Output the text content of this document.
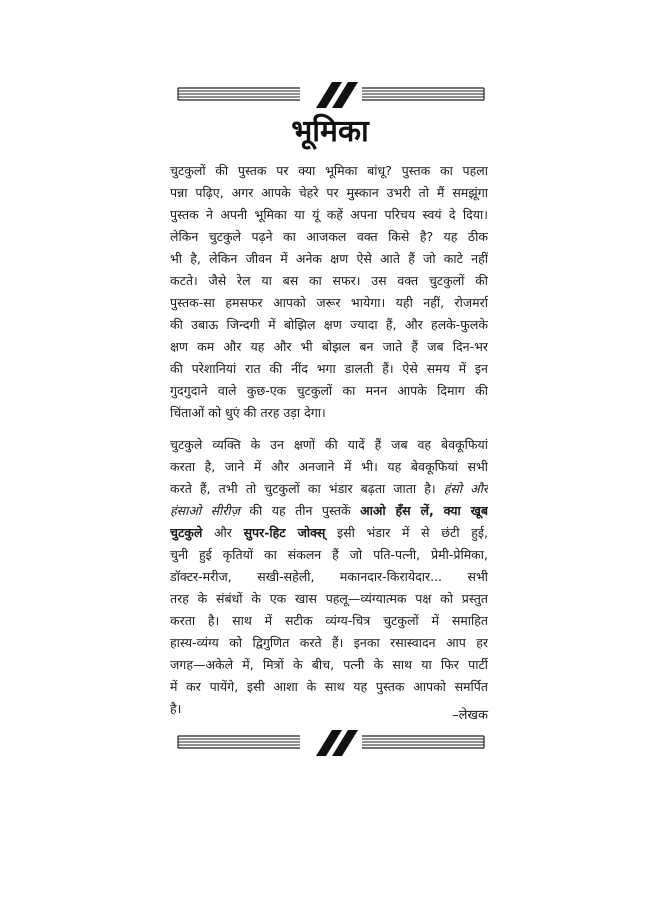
भूमिका
चुटकुलों की पुस्तक पर क्या भूमिका बांधू? पुस्तक का पहला
पन्ना पढ़िए, अगर आपके चेहरे पर मुस्कान उभरी तो मैं समझूंगा
पुस्तक ने अपनी भूमिका या यूं कहें अपना परिचय स्वयं दे दिया।
लेकिन चुटकुले पढ़ने का आजकल वक्त किसे है? यह ठीक
भी है, लेकिन जीवन में अनेक क्षण ऐसे आते हैं जो काटे नहीं
कटते। जैसे रेल या बस का सफर। उस वक्त चुटकुलों की
पुस्तक-सा हमसफर आपको जरूर भायेगा। यही नहीं, रोजमर्रा
की उबाऊ जिन्दगी में बोझिल क्षण ज्यादा हैं, और हलके-फुलके
क्षण कम और यह और भी बोझल बन जाते हैं जब दिन-भर
की परेशानियां रात की नींद भगा डालती हैं। ऐसे समय में इन
गुदगुदाने वाले कुछ-एक चुटकुलों का मनन आपके दिमाग की
चिंताओं को धुएं की तरह उड़ा देगा।
चुटकुले व्यक्ति के उन क्षणों की यादें हैं जब वह बेवकूफियां
करता है, जाने में और अनजाने में भी। यह बेवकूफियां सभी
करते हैं, तभी तो चुटकुलों का भंडार बढ़ता जाता है। हंसो और
हंसाओ सीरीज़ की यह तीन पुस्तकें आओ हँस लें, क्या खूब
चुटकुले और सुपर-हिट जोक्स् इसी भंडार में से छंटी हुई,
चुनी हुई कृतियों का संकलन हैं जो पति-पत्नी, प्रेमी-प्रेमिका,
डॉक्टर-मरीज, सखी-सहेली, मकानदार-किरायेदार... सभी
तरह के संबंधों के एक खास पहलू—व्यंग्यात्मक पक्ष को प्रस्तुत
करता है। साथ में सटीक व्यंग्य-चित्र चुटकुलों में समाहित
हास्य-व्यंग्य को द्विगुणित करते हैं। इनका रसास्वादन आप हर
जगह—अकेले में, मित्रों के बीच, पत्नी के साथ या फिर पार्टी
में कर पायेंगे, इसी आशा के साथ यह पुस्तक आपको समर्पित
है।	–लेखक
